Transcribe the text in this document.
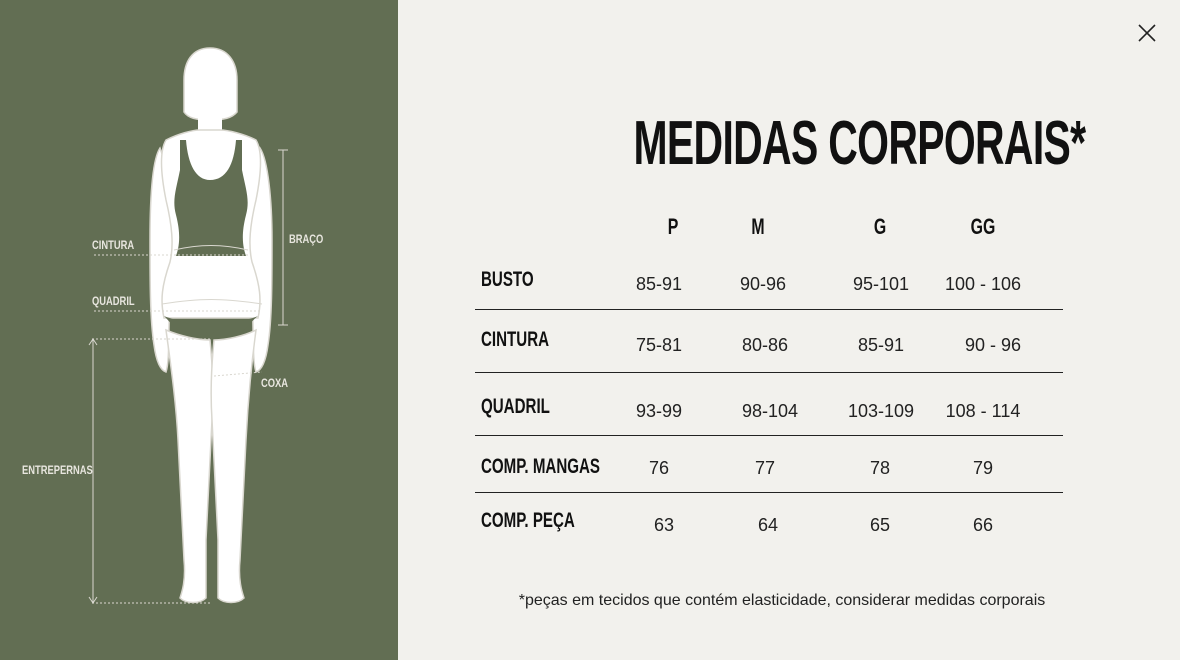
CINTURA
QUADRIL
BRAÇO
COXA
ENTREPERNAS
MEDIDAS CORPORAIS*
P	M	G	GG
BUSTO	85-91	90-96	95-101	100 - 106
CINTURA	75-81	80-86	85-91	90 - 96
QUADRIL	93-99	98-104	103-109	108 - 114
COMP. MANGAS	76	77	78	79
COMP. PEÇA	63	64	65	66
*peças em tecidos que contém elasticidade, considerar medidas corporais
